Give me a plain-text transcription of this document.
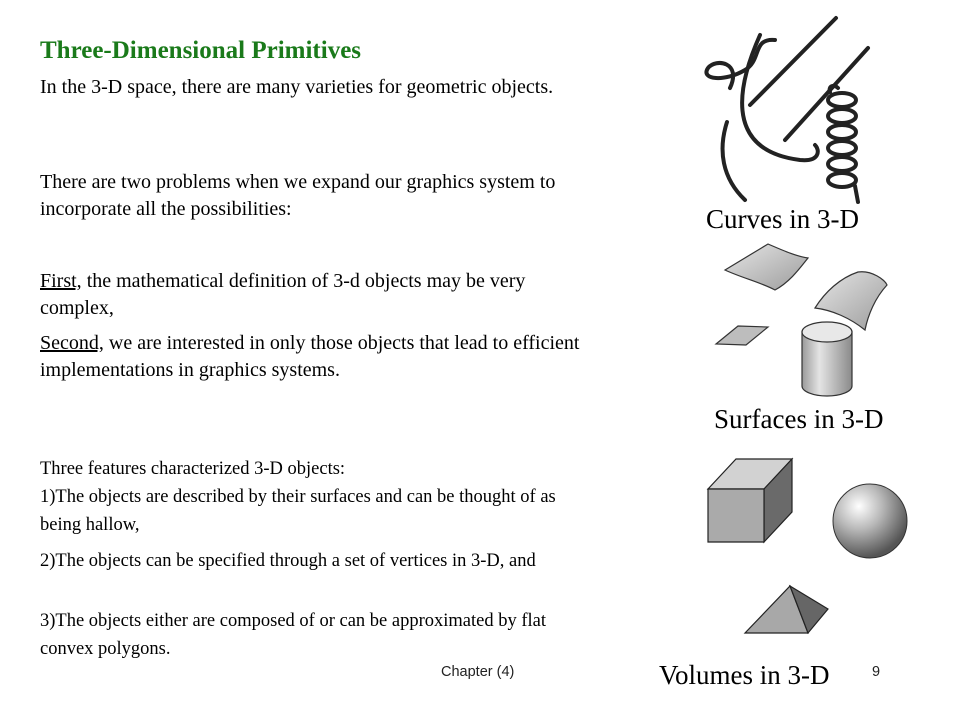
Three-Dimensional Primitives

In the 3-D space, there are many varieties for geometric objects.

There are two problems when we expand our graphics system to incorporate all the possibilities:

First, the mathematical definition of 3-d objects may be very complex,

Second, we are interested in only those objects that lead to efficient implementations in graphics systems.

Three features characterized 3-D objects:

1)The objects are described by their surfaces and can be thought of as being hallow,

2)The objects can be specified through a set of vertices in 3-D, and

3)The objects either are composed of or can be approximated by flat convex polygons.

Curves in 3-D

Surfaces in 3-D

Volumes in 3-D

Chapter (4)	9
